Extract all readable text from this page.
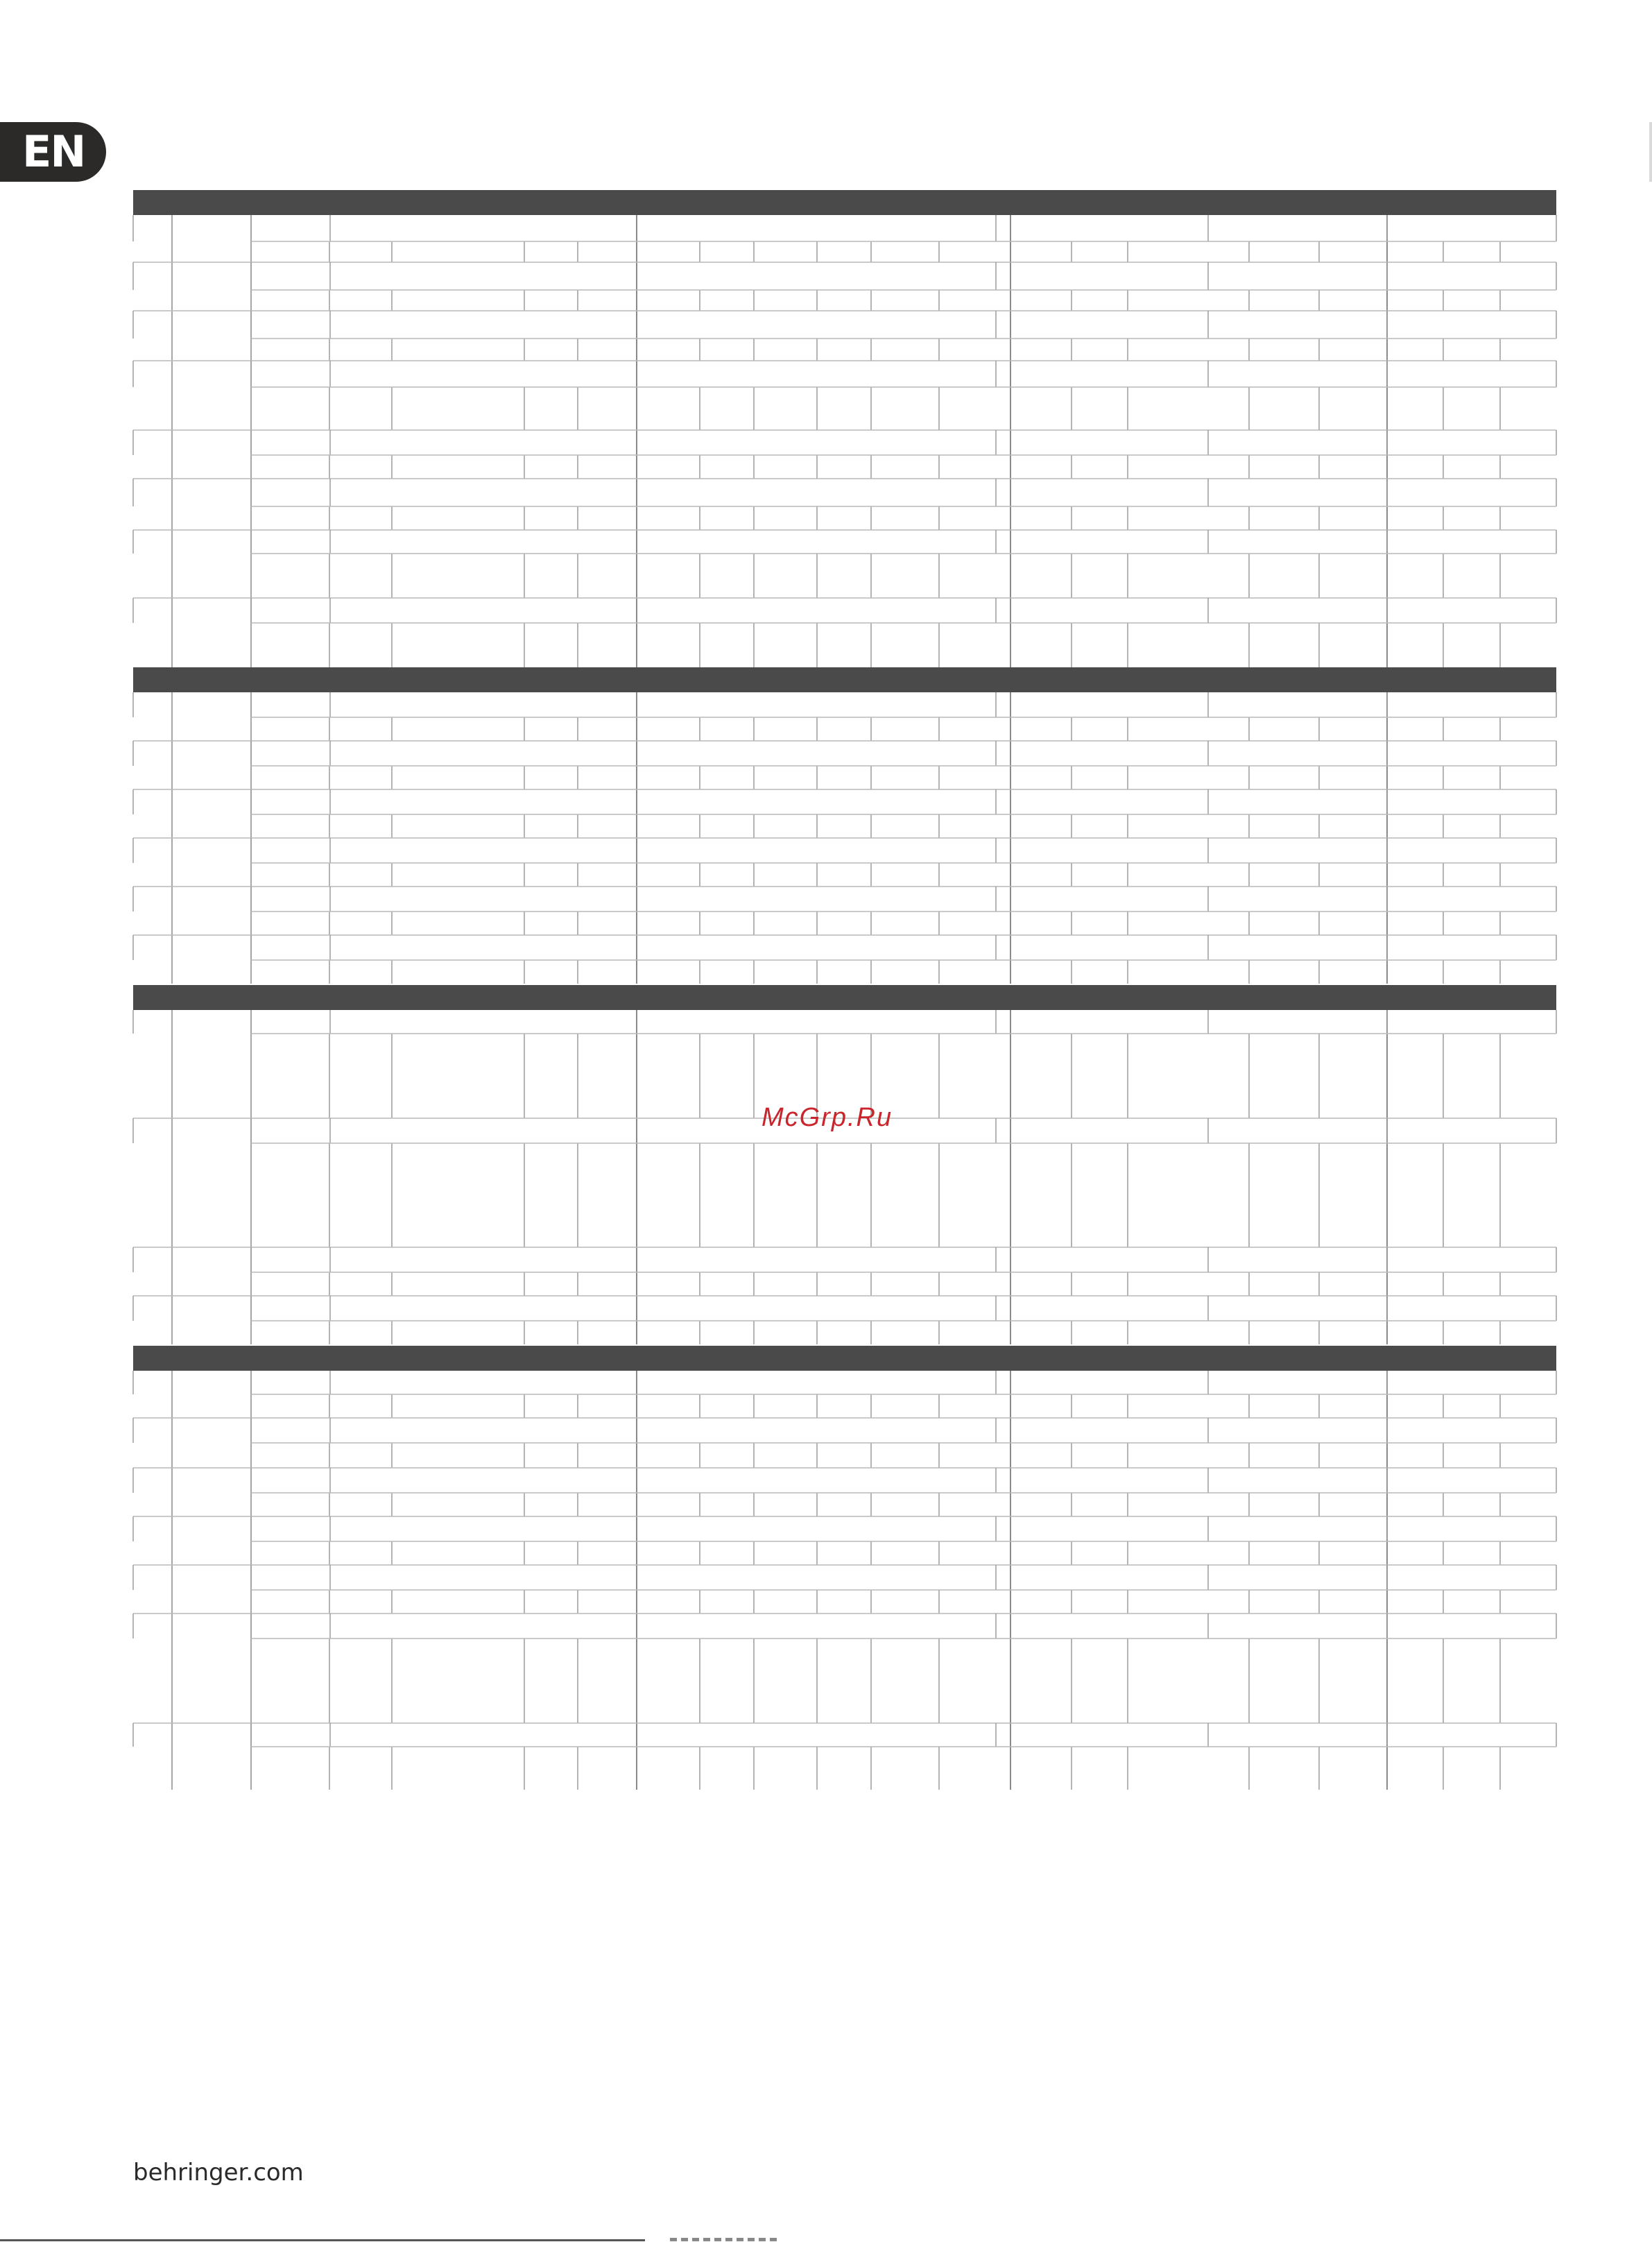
EN
McGrp.Ru
behringer.com
